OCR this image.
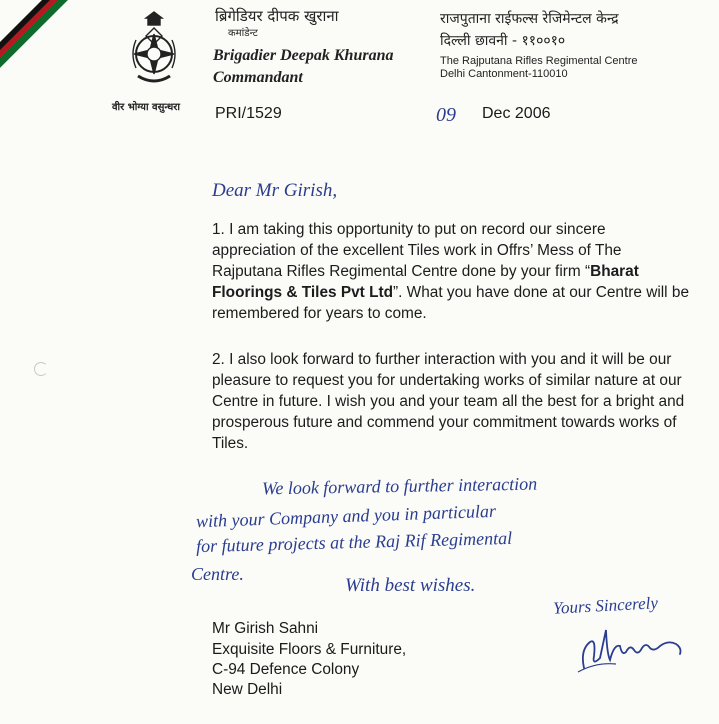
वीर भोग्या वसुन्धरा
ब्रिगेडियर दीपक खुराना
कमांडेन्ट
Brigadier Deepak Khurana
Commandant
राजपुताना राईफल्स रेजिमेन्टल केन्द्र
दिल्ली छावनी - ११००१०
The Rajputana Rifles Regimental Centre
Delhi Cantonment-110010
PRI/1529	09 Dec 2006
Dear Mr Girish,
1. I am taking this opportunity to put on record our sincere appreciation of the excellent Tiles work in Offrs’ Mess of The Rajputana Rifles Regimental Centre done by your firm “Bharat Floorings & Tiles Pvt Ltd”. What you have done at our Centre will be remembered for years to come.
2. I also look forward to further interaction with you and it will be our pleasure to request you for undertaking works of similar nature at our Centre in future. I wish you and your team all the best for a bright and prosperous future and commend your commitment towards works of Tiles.
We look forward to further interaction
with your Company and you in particular
for future projects at the Raj Rif Regimental
Centre.
With best wishes.
Yours Sincerely
Mr Girish Sahni
Exquisite Floors & Furniture,
C-94 Defence Colony
New Delhi
